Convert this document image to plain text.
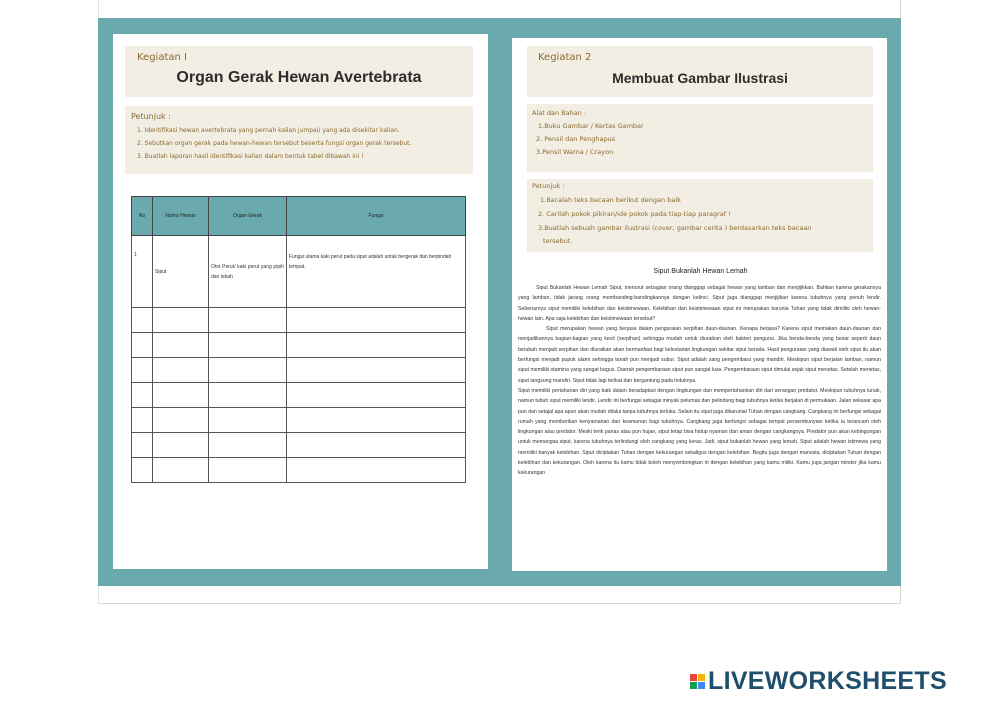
Kegiatan I
Organ Gerak Hewan Avertebrata
Petunjuk :
1. Identifikasi hewan avertebrata yang pernah kalian jumpai/ yang ada disekitar kalian.
2. Sebutkan organ gerak pada hewan-hewan tersebut beserta fungsi organ gerak tersebut.
3. Buatlah laporan hasil identifikasi kalian dalam bentuk tabel dibawah ini !
No	Nama Hewan	Organ Gerak	Fungsi
1	Siput	Otot Perut/ kaki perut yang pipih dan lebah	Fungsi utama kaki perut pada siput adalah untuk bergerak dan berpindah tempat.

Kegiatan 2
Membuat Gambar Ilustrasi
Alat dan Bahan :
1.Buku Gambar / Kertas Gambar
2. Pensil dan Penghapus
3.Pensil Warna / Crayon
Petunjuk :
1.Bacalah teks bacaan berikut dengan baik
2. Carilah pokok pikiran/ide pokok pada tiap-tiap paragraf !
3.Buatlah sebuah gambar ilustrasi (cover, gambar cerita ) berdasarkan teks bacaan
tersebut.
Siput Bukanlah Hewan Lemah

Siput Bukanlah Hewan Lemah Siput, menurut sebagian orang dianggap sebagai hewan yang lamban dan menjijikkan. Bahkan karena gerakannya yang lamban, tidak jarang orang membanding-bandingkannya dengan kelinci. Siput juga dianggap menjijikan karena tubuhnya yang penuh lendir. Sebenarnya siput memiliki kelebihan dan keistimewaan. Kelebihan dan keistimewaan siput ini merupakan karunia Tuhan yang tidak dimiliki oleh hewan-hewan lain. Apa saja kelebihan dan keistimewaan tersebut?

Siput merupakan hewan yang berjasa dalam penguraian serpihan daun-daunan. Kenapa berjasa? Karena siput memakan daun-daunan dan menjadikannya bagian-bagian yang kecil (serpihan) sehingga mudah untuk diuraikan oleh bakteri pengurai. Jika benda-benda yang besar seperti daun berubah menjadi serpihan dan diuraikan akan bermanfaat bagi kelestarian lingkungan sekitar siput berada. Hasil penguraian yang diawali oleh siput itu akan berfungsi menjadi pupuk alami sehingga tanah pun menjadi subur. Siput adalah sang pengembara yang mandiri. Meskipun siput berjalan lamban, namun siput memiliki stamina yang sangat bagus. Daerah pengembaraan siput pun sangat luas. Pengembaraan siput dimulai sejak siput menetas. Setelah menetas, siput langsung mandiri. Siput tidak lagi terikat dan bergantung pada induknya.

Siput memiliki pertahanan diri yang baik dalam beradaptasi dengan lingkungan dan mempertahankan diri dari serangan predator. Meskipun tubuhnya lunak, namun tubuh siput memiliki lendir. Lendir ini berfungsi sebagai minyak pelumas dan pelindung bagi tubuhnya ketika berjalan di permukaan. Jalan sekasar apa pun dan setajal apa apun akan mudah dilalui tanpa tubuhnya terluka. Selain itu siput juga dikaruniai Tuhan dengan cangkang. Cangkang ini berfungsi sebagai rumah yang memberikan kenyamanan dan keamanan bagi tubuhnya. Cangkang juga berfungsi sebagai tempat persembunyian ketika ia terancam oleh lingkungan atau predator. Meski terik panas atau pun hujan, siput tetap bisa hidup nyaman dan aman dengan cangkangnya. Predator pun akan kebingungan untuk memangsa siput, karena tubuhnya terlindungi oleh cangkang yang keras. Jadi, siput bukanlah hewan yang lemah. Siput adalah hewan istimewa yang memiliki banyak kelebihan. Siput diciptakan Tuhan dengan kekurangan sekaligus dengan kelebihan. Begitu juga dengan manusia, diciptakan Tuhan dengan kelebihan dan kekurangan. Oleh karena itu kamu tidak boleh menyombongkan iri dengan kelebihan yang kamu miliki. Kamu juga jangan minder jika kamu kekurangan

LIVEWORKSHEETS
